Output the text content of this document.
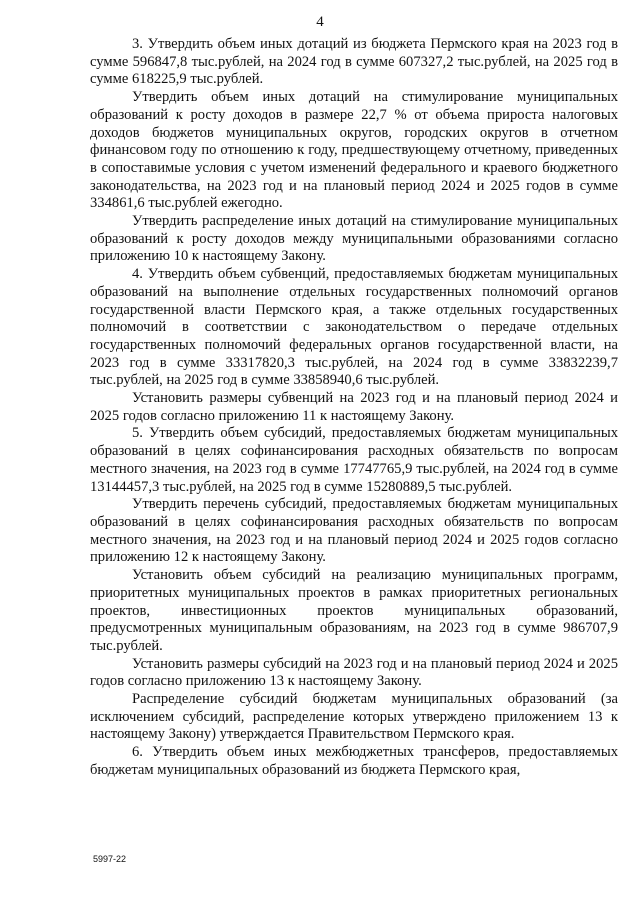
4

3. Утвердить объем иных дотаций из бюджета Пермского края на 2023 год в сумме 596847,8 тыс.рублей, на 2024 год в сумме 607327,2 тыс.рублей, на 2025 год в сумме 618225,9 тыс.рублей.

Утвердить объем иных дотаций на стимулирование муниципальных образований к росту доходов в размере 22,7 % от объема прироста налоговых доходов бюджетов муниципальных округов, городских округов в отчетном финансовом году по отношению к году, предшествующему отчетному, приведенных в сопоставимые условия с учетом изменений федерального и краевого бюджетного законодательства, на 2023 год и на плановый период 2024 и 2025 годов в сумме 334861,6 тыс.рублей ежегодно.

Утвердить распределение иных дотаций на стимулирование муниципальных образований к росту доходов между муниципальными образованиями согласно приложению 10 к настоящему Закону.

4. Утвердить объем субвенций, предоставляемых бюджетам муниципальных образований на выполнение отдельных государственных полномочий органов государственной власти Пермского края, а также отдельных государственных полномочий в соответствии с законодательством о передаче отдельных государственных полномочий федеральных органов государственной власти, на 2023 год в сумме 33317820,3 тыс.рублей, на 2024 год в сумме 33832239,7 тыс.рублей, на 2025 год в сумме 33858940,6 тыс.рублей.

Установить размеры субвенций на 2023 год и на плановый период 2024 и 2025 годов согласно приложению 11 к настоящему Закону.

5. Утвердить объем субсидий, предоставляемых бюджетам муниципальных образований в целях софинансирования расходных обязательств по вопросам местного значения, на 2023 год в сумме 17747765,9 тыс.рублей, на 2024 год в сумме 13144457,3 тыс.рублей, на 2025 год в сумме 15280889,5 тыс.рублей.

Утвердить перечень субсидий, предоставляемых бюджетам муниципальных образований в целях софинансирования расходных обязательств по вопросам местного значения, на 2023 год и на плановый период 2024 и 2025 годов согласно приложению 12 к настоящему Закону.

Установить объем субсидий на реализацию муниципальных программ, приоритетных муниципальных проектов в рамках приоритетных региональных проектов, инвестиционных проектов муниципальных образований, предусмотренных муниципальным образованиям, на 2023 год в сумме 986707,9 тыс.рублей.

Установить размеры субсидий на 2023 год и на плановый период 2024 и 2025 годов согласно приложению 13 к настоящему Закону.

Распределение субсидий бюджетам муниципальных образований (за исключением субсидий, распределение которых утверждено приложением 13 к настоящему Закону) утверждается Правительством Пермского края.

6. Утвердить объем иных межбюджетных трансферов, предоставляемых бюджетам муниципальных образований из бюджета Пермского края,

5997-22
